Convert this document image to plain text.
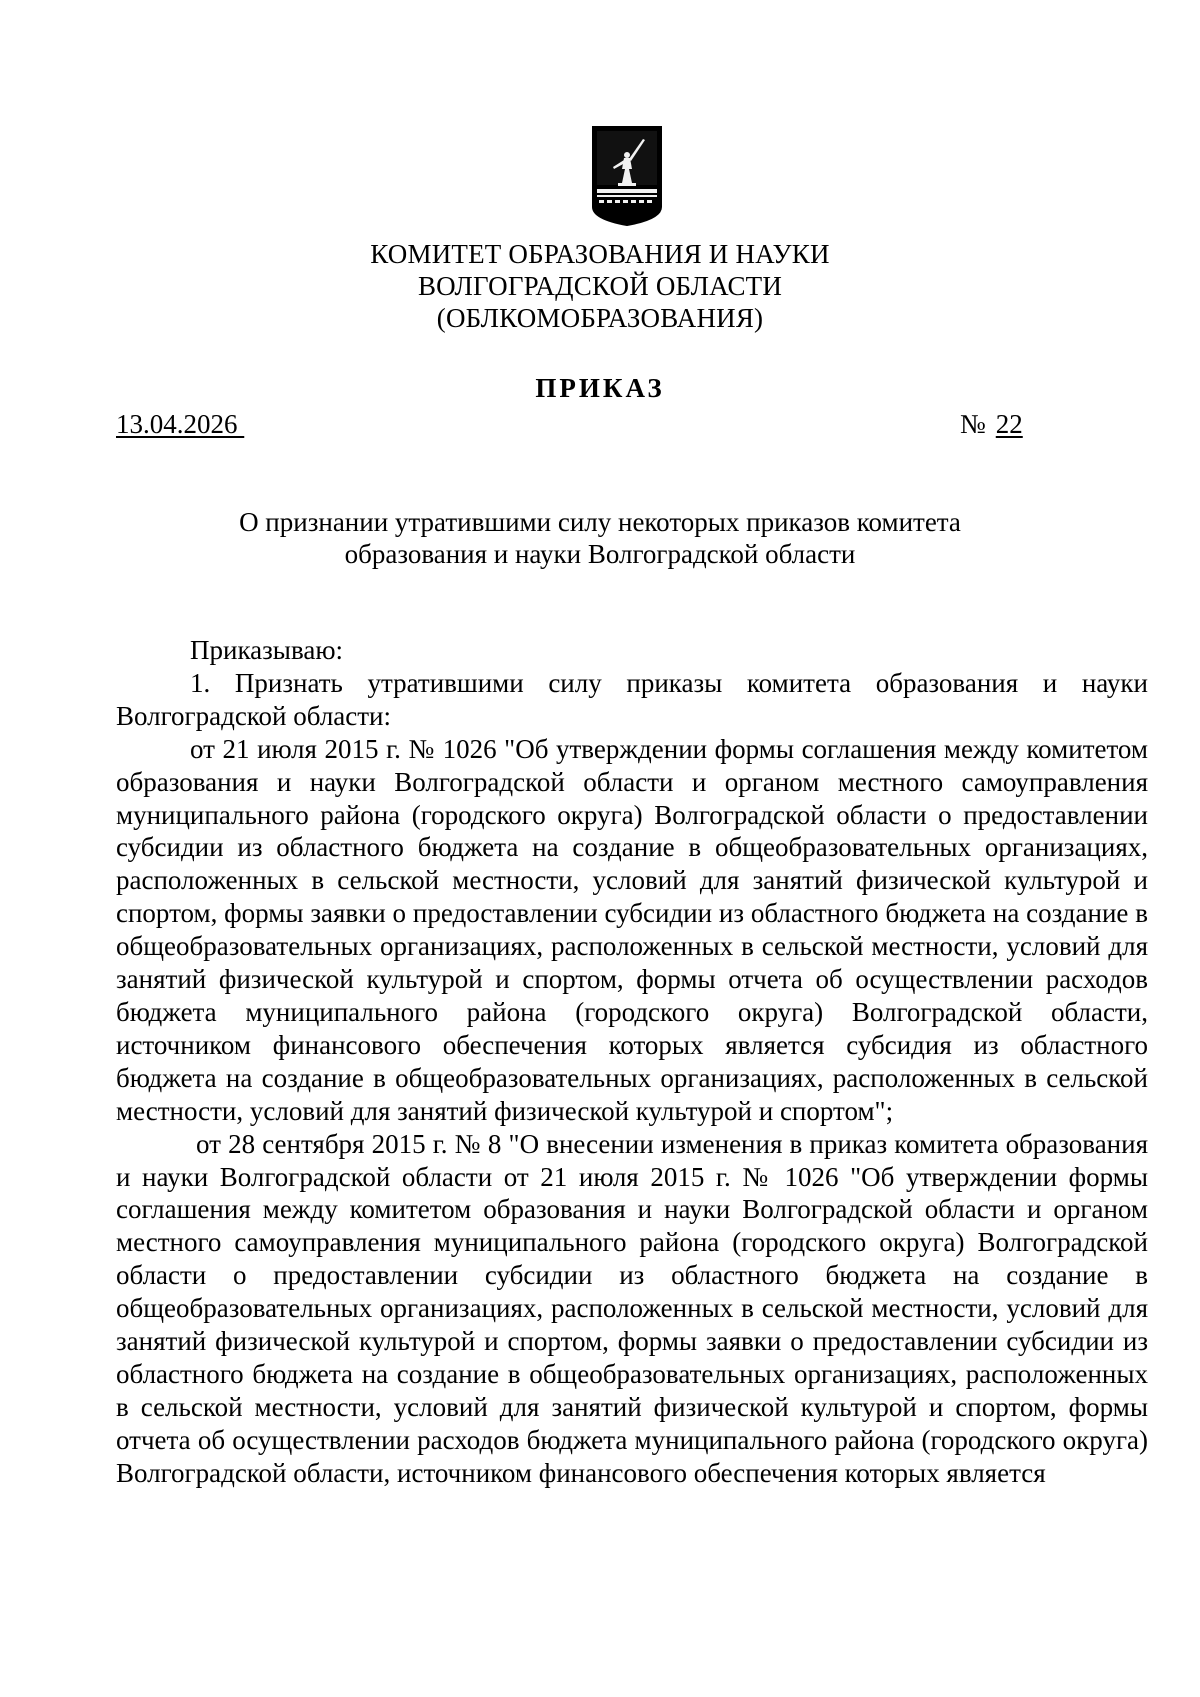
КОМИТЕТ ОБРАЗОВАНИЯ И НАУКИ
ВОЛГОГРАДСКОЙ ОБЛАСТИ
(ОБЛКОМОБРАЗОВАНИЯ)
ПРИКАЗ
13.04.2026	№ 22
О признании утратившими силу некоторых приказов комитета
образования и науки Волгоградской области

Приказываю:

1. Признать утратившими силу приказы комитета образования и науки Волгоградской области:

от 21 июля 2015 г. № 1026 "Об утверждении формы соглашения между комитетом образования и науки Волгоградской области и органом местного самоуправления муниципального района (городского округа) Волгоградской области о предоставлении субсидии из областного бюджета на создание в общеобразовательных организациях, расположенных в сельской местности, условий для занятий физической культурой и спортом, формы заявки о предоставлении субсидии из областного бюджета на создание в общеобразовательных организациях, расположенных в сельской местности, условий для занятий физической культурой и спортом, формы отчета об осуществлении расходов бюджета муниципального района (городского округа) Волгоградской области, источником финансового обеспечения которых является субсидия из областного бюджета на создание в общеобразовательных организациях, расположенных в сельской местности, условий для занятий физической культурой и спортом";

от 28 сентября 2015 г. № 8 "О внесении изменения в приказ комитета образования и науки Волгоградской области от 21 июля 2015 г. № 1026 "Об утверждении формы соглашения между комитетом образования и науки Волгоградской области и органом местного самоуправления муниципального района (городского округа) Волгоградской области о предоставлении субсидии из областного бюджета на создание в общеобразовательных организациях, расположенных в сельской местности, условий для занятий физической культурой и спортом, формы заявки о предоставлении субсидии из областного бюджета на создание в общеобразовательных организациях, расположенных в сельской местности, условий для занятий физической культурой и спортом, формы отчета об осуществлении расходов бюджета муниципального района (городского округа) Волгоградской области, источником финансового обеспечения которых является
